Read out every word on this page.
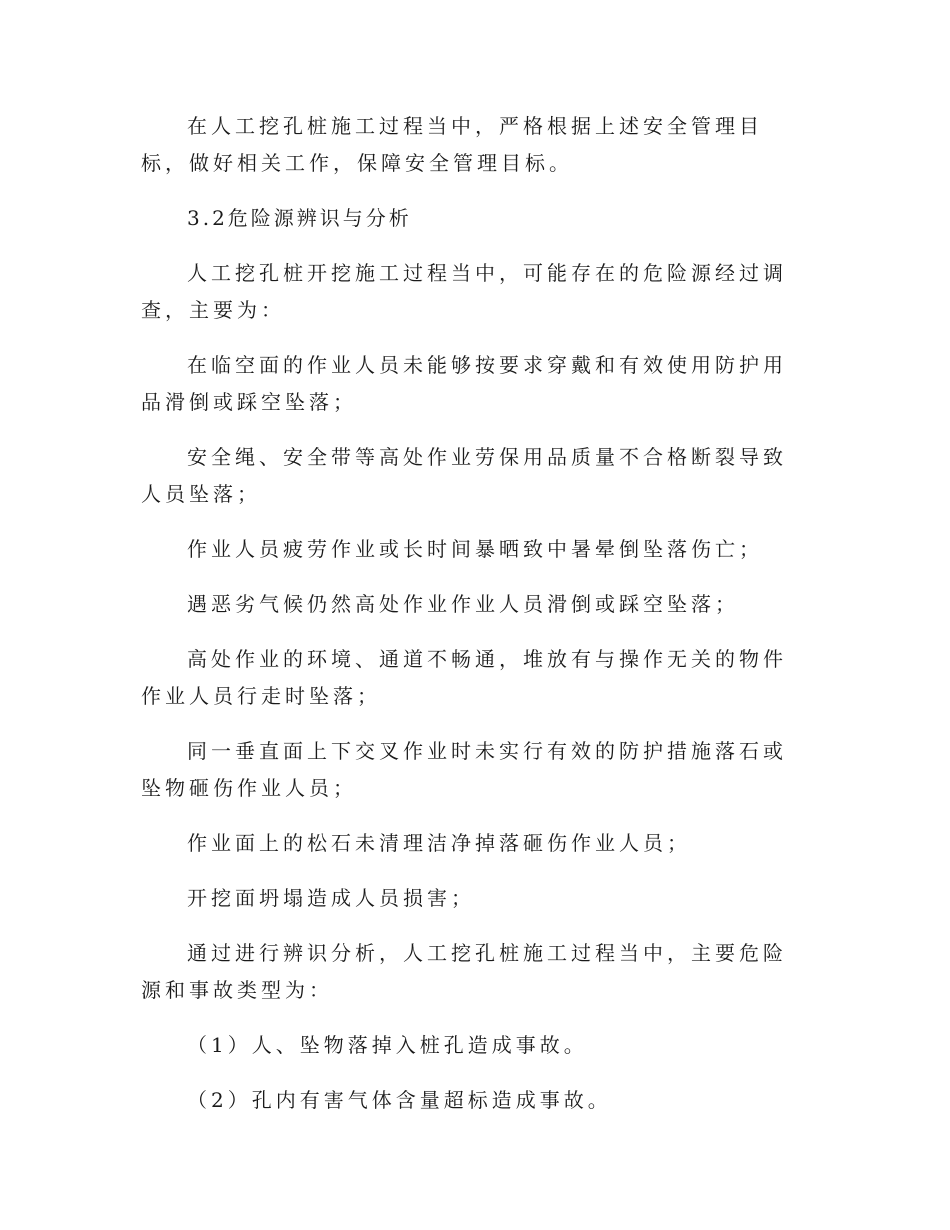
在人工挖孔桩施工过程当中，严格根据上述安全管理目标，做好相关工作，保障安全管理目标。

3.2危险源辨识与分析

人工挖孔桩开挖施工过程当中，可能存在的危险源经过调查，主要为：

在临空面的作业人员未能够按要求穿戴和有效使用防护用品滑倒或踩空坠落；

安全绳、安全带等高处作业劳保用品质量不合格断裂导致人员坠落；

作业人员疲劳作业或长时间暴晒致中暑晕倒坠落伤亡；

遇恶劣气候仍然高处作业作业人员滑倒或踩空坠落；

高处作业的环境、通道不畅通，堆放有与操作无关的物件作业人员行走时坠落；

同一垂直面上下交叉作业时未实行有效的防护措施落石或坠物砸伤作业人员；

作业面上的松石未清理洁净掉落砸伤作业人员；

开挖面坍塌造成人员损害；

通过进行辨识分析，人工挖孔桩施工过程当中，主要危险源和事故类型为：

（1）人、坠物落掉入桩孔造成事故。

（2）孔内有害气体含量超标造成事故。
